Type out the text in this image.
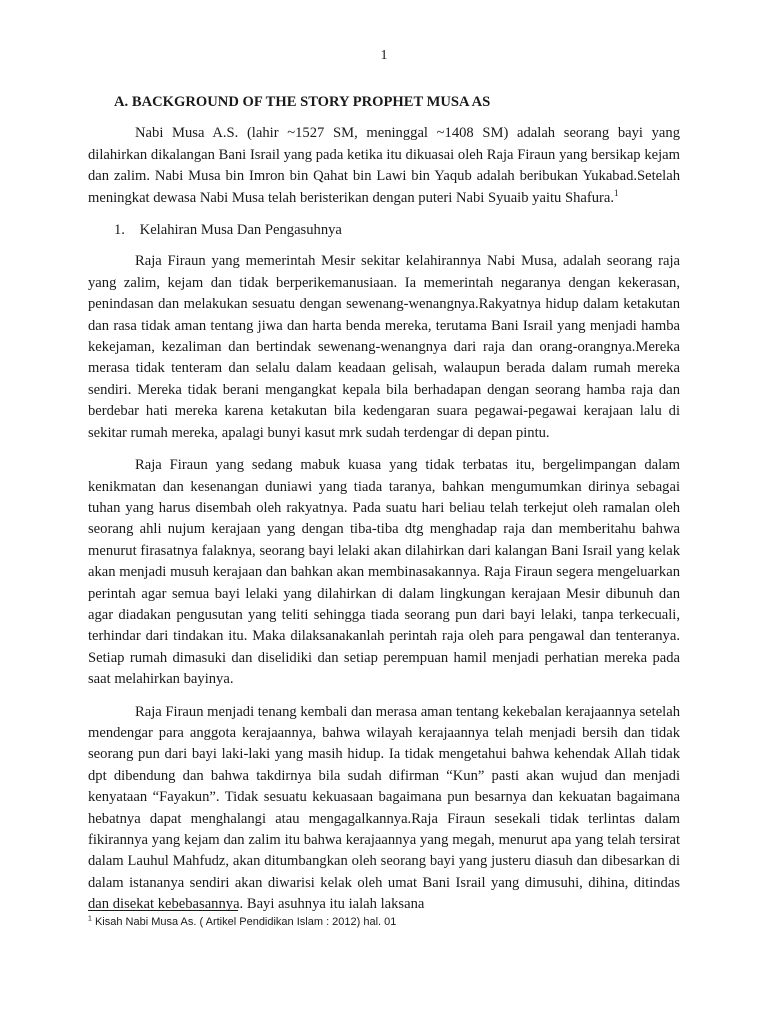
1
A. BACKGROUND OF THE STORY PROPHET MUSA AS

Nabi Musa A.S. (lahir ~1527 SM, meninggal ~1408 SM) adalah seorang bayi yang dilahirkan dikalangan Bani Israil yang pada ketika itu dikuasai oleh Raja Firaun yang bersikap kejam dan zalim. Nabi Musa bin Imron bin Qahat bin Lawi bin Yaqub adalah beribukan Yukabad.Setelah meningkat dewasa Nabi Musa telah beristerikan dengan puteri Nabi Syuaib yaitu Shafura.$^1$

1. Kelahiran Musa Dan Pengasuhnya

Raja Firaun yang memerintah Mesir sekitar kelahirannya Nabi Musa, adalah seorang raja yang zalim, kejam dan tidak berperikemanusiaan. Ia memerintah negaranya dengan kekerasan, penindasan dan melakukan sesuatu dengan sewenang-wenangnya.Rakyatnya hidup dalam ketakutan dan rasa tidak aman tentang jiwa dan harta benda mereka, terutama Bani Israil yang menjadi hamba kekejaman, kezaliman dan bertindak sewenang-wenangnya dari raja dan orang-orangnya.Mereka merasa tidak tenteram dan selalu dalam keadaan gelisah, walaupun berada dalam rumah mereka sendiri. Mereka tidak berani mengangkat kepala bila berhadapan dengan seorang hamba raja dan berdebar hati mereka karena ketakutan bila kedengaran suara pegawai-pegawai kerajaan lalu di sekitar rumah mereka, apalagi bunyi kasut mrk sudah terdengar di depan pintu.

Raja Firaun yang sedang mabuk kuasa yang tidak terbatas itu, bergelimpangan dalam kenikmatan dan kesenangan duniawi yang tiada taranya, bahkan mengumumkan dirinya sebagai tuhan yang harus disembah oleh rakyatnya. Pada suatu hari beliau telah terkejut oleh ramalan oleh seorang ahli nujum kerajaan yang dengan tiba-tiba dtg menghadap raja dan memberitahu bahwa menurut firasatnya falaknya, seorang bayi lelaki akan dilahirkan dari kalangan Bani Israil yang kelak akan menjadi musuh kerajaan dan bahkan akan membinasakannya. Raja Firaun segera mengeluarkan perintah agar semua bayi lelaki yang dilahirkan di dalam lingkungan kerajaan Mesir dibunuh dan agar diadakan pengusutan yang teliti sehingga tiada seorang pun dari bayi lelaki, tanpa terkecuali, terhindar dari tindakan itu. Maka dilaksanakanlah perintah raja oleh para pengawal dan tenteranya. Setiap rumah dimasuki dan diselidiki dan setiap perempuan hamil menjadi perhatian mereka pada saat melahirkan bayinya.

Raja Firaun menjadi tenang kembali dan merasa aman tentang kekebalan kerajaannya setelah mendengar para anggota kerajaannya, bahwa wilayah kerajaannya telah menjadi bersih dan tidak seorang pun dari bayi laki-laki yang masih hidup. Ia tidak mengetahui bahwa kehendak Allah tidak dpt dibendung dan bahwa takdirnya bila sudah difirman “Kun” pasti akan wujud dan menjadi kenyataan “Fayakun”. Tidak sesuatu kekuasaan bagaimana pun besarnya dan kekuatan bagaimana hebatnya dapat menghalangi atau mengagalkannya.Raja Firaun sesekali tidak terlintas dalam fikirannya yang kejam dan zalim itu bahwa kerajaannya yang megah, menurut apa yang telah tersirat dalam Lauhul Mahfudz, akan ditumbangkan oleh seorang bayi yang justeru diasuh dan dibesarkan di dalam istananya sendiri akan diwarisi kelak oleh umat Bani Israil yang dimusuhi, dihina, ditindas dan disekat kebebasannya. Bayi asuhnya itu ialah laksana

$^1$ Kisah Nabi Musa As. ( Artikel Pendidikan Islam : 2012) hal. 01
